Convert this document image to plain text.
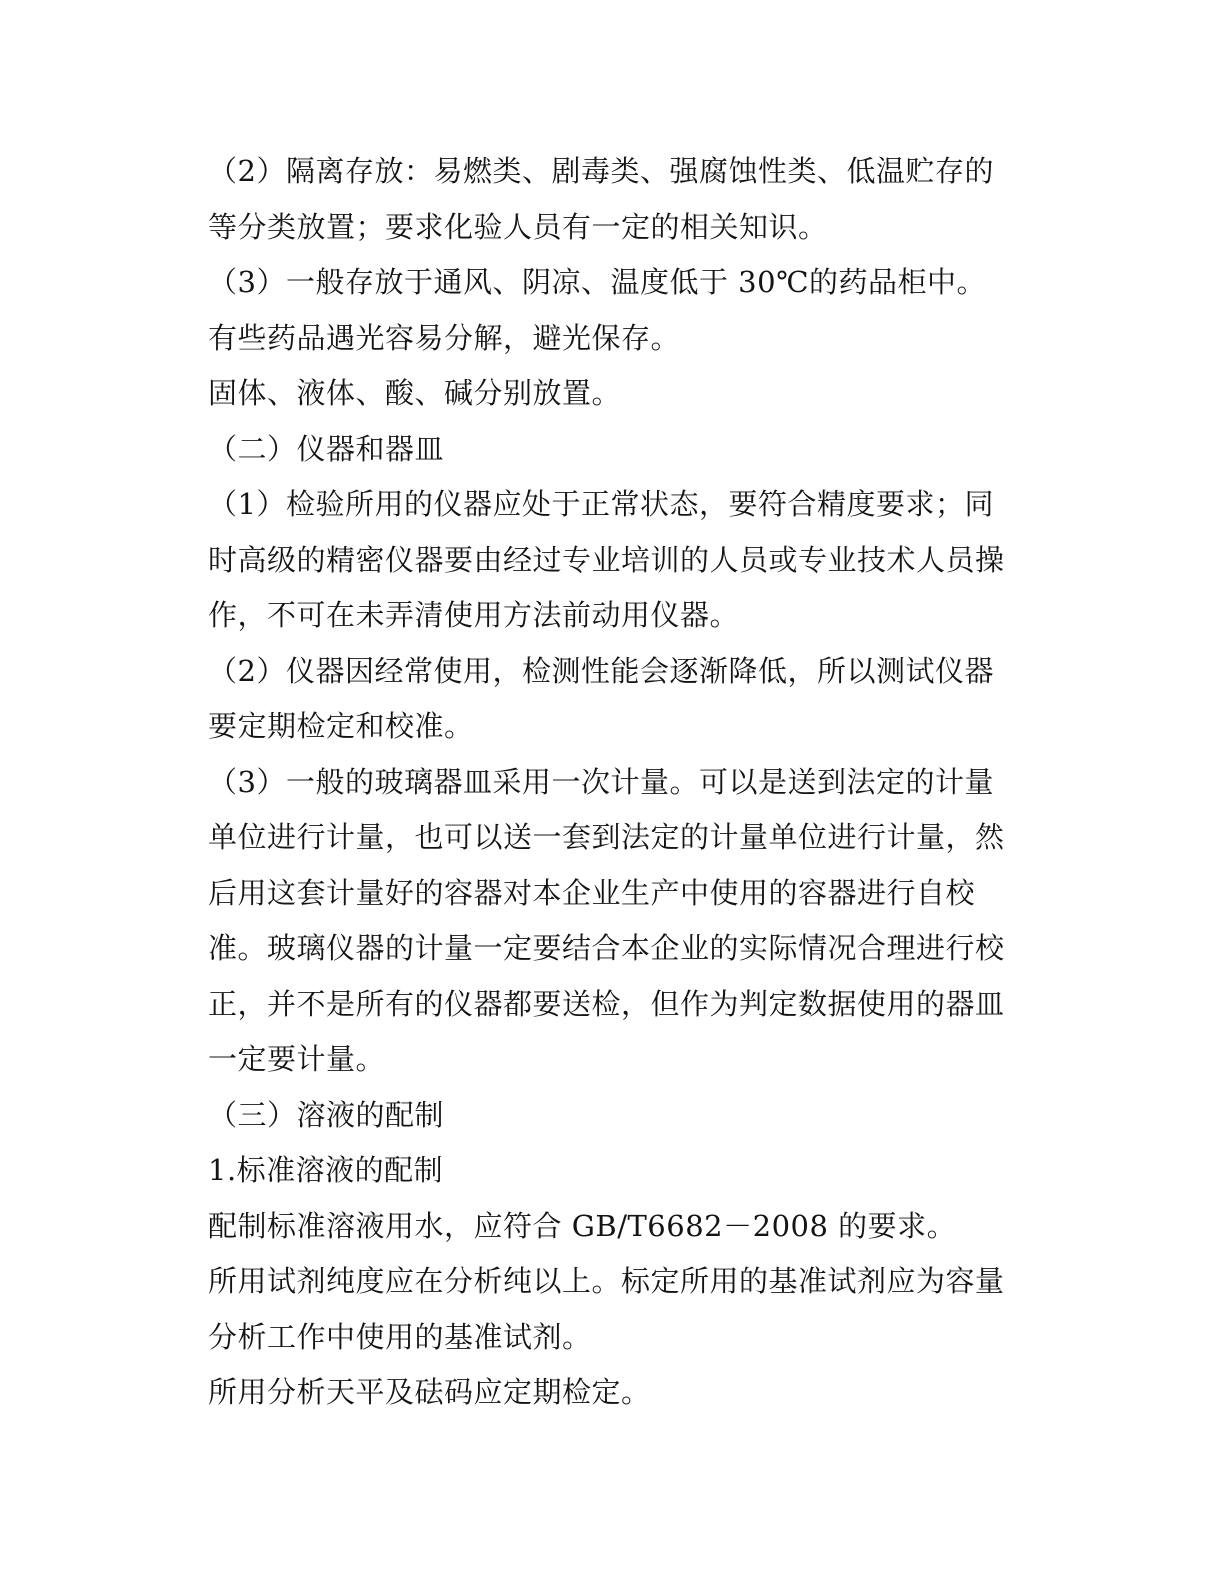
（2）隔离存放：易燃类、剧毒类、强腐蚀性类、低温贮存的等分类放置；要求化验人员有一定的相关知识。

（3）一般存放于通风、阴凉、温度低于 30℃的药品柜中。有些药品遇光容易分解，避光保存。

固体、液体、酸、碱分别放置。

（二）仪器和器皿

（1）检验所用的仪器应处于正常状态，要符合精度要求；同时高级的精密仪器要由经过专业培训的人员或专业技术人员操作，不可在未弄清使用方法前动用仪器。

（2）仪器因经常使用，检测性能会逐渐降低，所以测试仪器要定期检定和校准。

（3）一般的玻璃器皿采用一次计量。可以是送到法定的计量单位进行计量，也可以送一套到法定的计量单位进行计量，然后用这套计量好的容器对本企业生产中使用的容器进行自校准。玻璃仪器的计量一定要结合本企业的实际情况合理进行校正，并不是所有的仪器都要送检，但作为判定数据使用的器皿一定要计量。

（三）溶液的配制

1.标准溶液的配制

配制标准溶液用水，应符合 GB/T6682－2008 的要求。

所用试剂纯度应在分析纯以上。标定所用的基准试剂应为容量分析工作中使用的基准试剂。

所用分析天平及砝码应定期检定。
